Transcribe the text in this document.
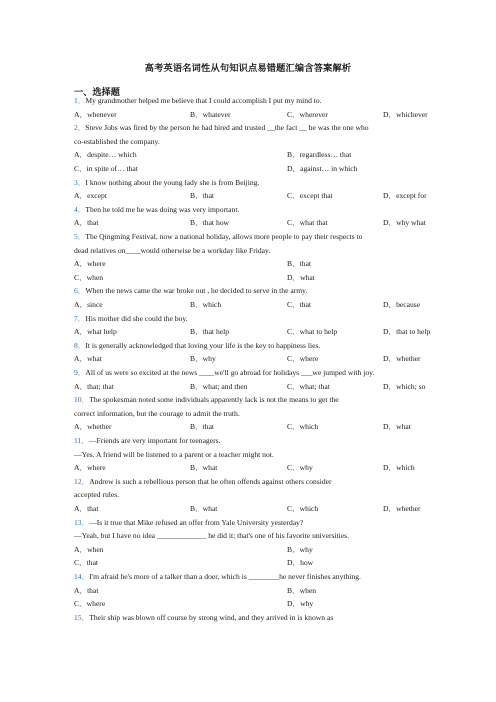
高考英语名词性从句知识点易错题汇编含答案解析
一、选择题
1．My grandmother helped me believe that I could accomplish I put my mind to.
A．whenever	B．whatever	C．wherever	D．whichever
2．Steve Jobs was fired by the person he had hired and trusted __the fact __ he was the one who
co-established the company.
A．despite… which	B．regardless… that
C．in spite of… that	D．against… in which
3．I know nothing about the young lady she is from Beijing.
A．except	B．that	C．except that	D．except for
4．Then he told me he was doing was very important.
A．that	B．that how	C．what that	D．why what
5．The Qingming Festival, now a national holiday, allows more people to pay their respects to
dead relatives on____would otherwise be a workday like Friday.
A．where	B．that
C．when	D．what
6．When the news came the war broke out , he decided to serve in the army.
A．since	B．which	C．that	D．because
7．His mother did she could the boy.
A．what help	B．that help	C．what to help	D．that to help
8．It is generally acknowledged that loving your life is the key to happiness lies.
A．what	B．why	C．where	D．whether
9．All of us were so excited at the news ____we'll go abroad for holidays ___we jumped with joy.
A．that; that	B．what; and then	C．what; that	D．which; so
10．The spokesman noted some individuals apparently lack is not the means to get the
correct information, but the courage to admit the truth.
A．whether	B．that	C．which	D．what
11．—Friends are very important for teenagers.
—Yes. A friend will be listened to a parent or a teacher might not.
A．where	B．what	C．why	D．which
12．Andrew is such a rebellious person that he often offends against others consider
accepted rules.
A．that	B．what	C．which	D．whether
13．—Is it true that Mike refused an offer from Yale University yesterday?
—Yeah, but I have no idea _____________ he did it; that's one of his favorite universities.
A．when	B．why
C．that	D．how
14．I'm afraid he's more of a talker than a doer, which is ________he never finishes anything.
A．that	B．when
C．where	D．why
15．Their ship was blown off course by strong wind, and they arrived in is known as
